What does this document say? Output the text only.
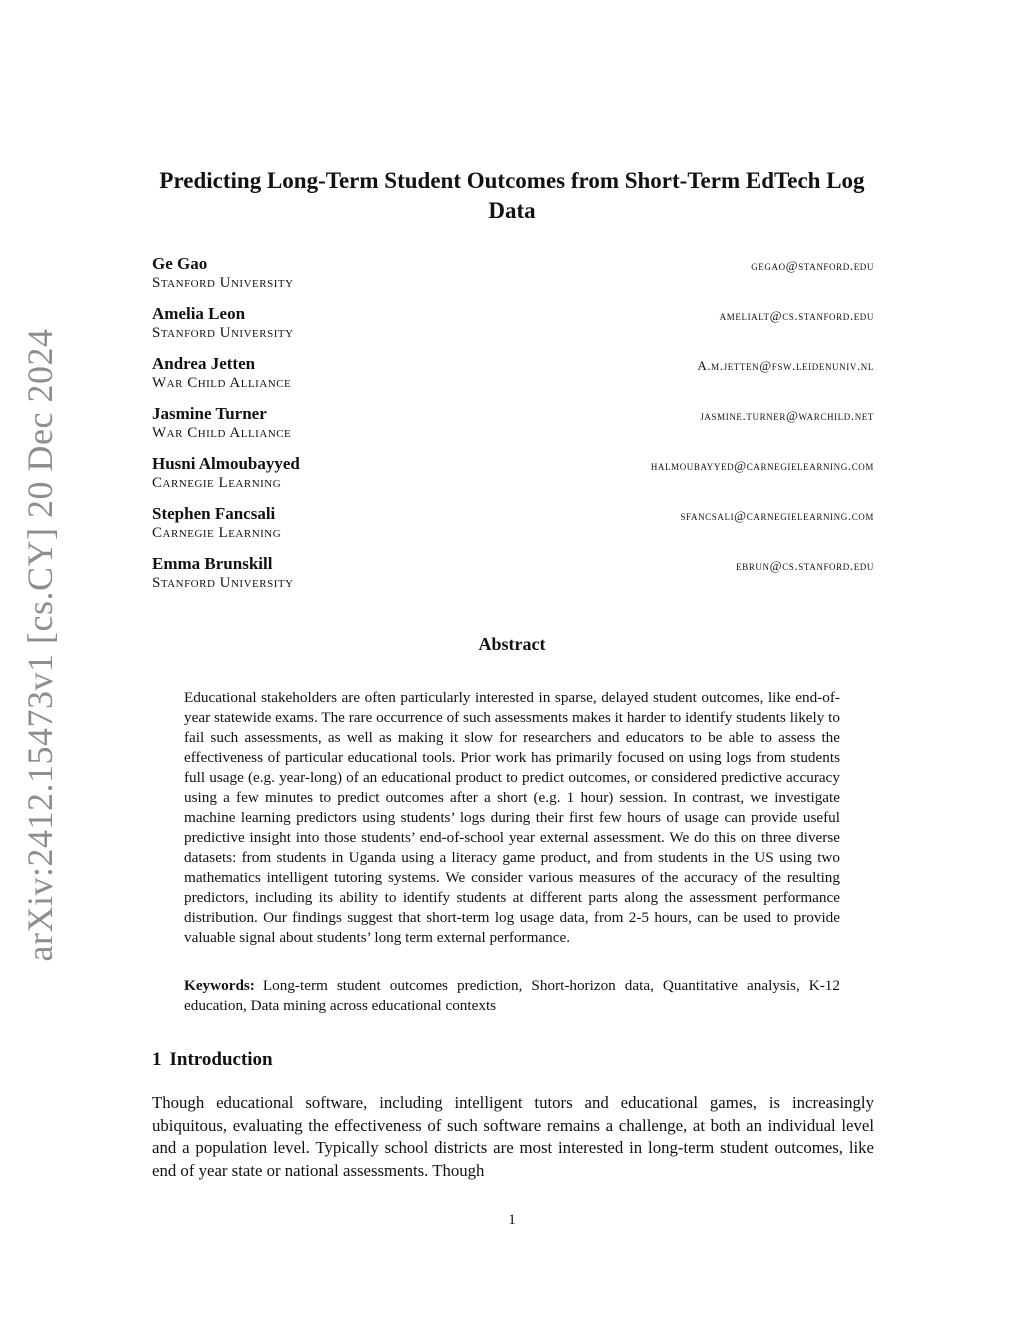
arXiv:2412.15473v1 [cs.CY] 20 Dec 2024
Predicting Long-Term Student Outcomes from Short-Term EdTech Log Data
Ge Gao	gegao@stanford.edu
Stanford University
Amelia Leon	amelialt@cs.stanford.edu
Stanford University
Andrea Jetten	A.m.jetten@fsw.leidenuniv.nl
War Child Alliance
Jasmine Turner	jasmine.turner@warchild.net
War Child Alliance
Husni Almoubayyed	halmoubayyed@carnegielearning.com
Carnegie Learning
Stephen Fancsali	sfancsali@carnegielearning.com
Carnegie Learning
Emma Brunskill	ebrun@cs.stanford.edu
Stanford University
Abstract
Educational stakeholders are often particularly interested in sparse, delayed student outcomes, like end-of-year statewide exams. The rare occurrence of such assessments makes it harder to identify students likely to fail such assessments, as well as making it slow for researchers and educators to be able to assess the effectiveness of particular educational tools. Prior work has primarily focused on using logs from students full usage (e.g. year-long) of an educational product to predict outcomes, or considered predictive accuracy using a few minutes to predict outcomes after a short (e.g. 1 hour) session. In contrast, we investigate machine learning predictors using students’ logs during their first few hours of usage can provide useful predictive insight into those students’ end-of-school year external assessment. We do this on three diverse datasets: from students in Uganda using a literacy game product, and from students in the US using two mathematics intelligent tutoring systems. We consider various measures of the accuracy of the resulting predictors, including its ability to identify students at different parts along the assessment performance distribution. Our findings suggest that short-term log usage data, from 2-5 hours, can be used to provide valuable signal about students’ long term external performance.
Keywords: Long-term student outcomes prediction, Short-horizon data, Quantitative analysis, K-12 education, Data mining across educational contexts
1 Introduction
Though educational software, including intelligent tutors and educational games, is increasingly ubiquitous, evaluating the effectiveness of such software remains a challenge, at both an individual level and a population level. Typically school districts are most interested in long-term student outcomes, like end of year state or national assessments. Though
1
